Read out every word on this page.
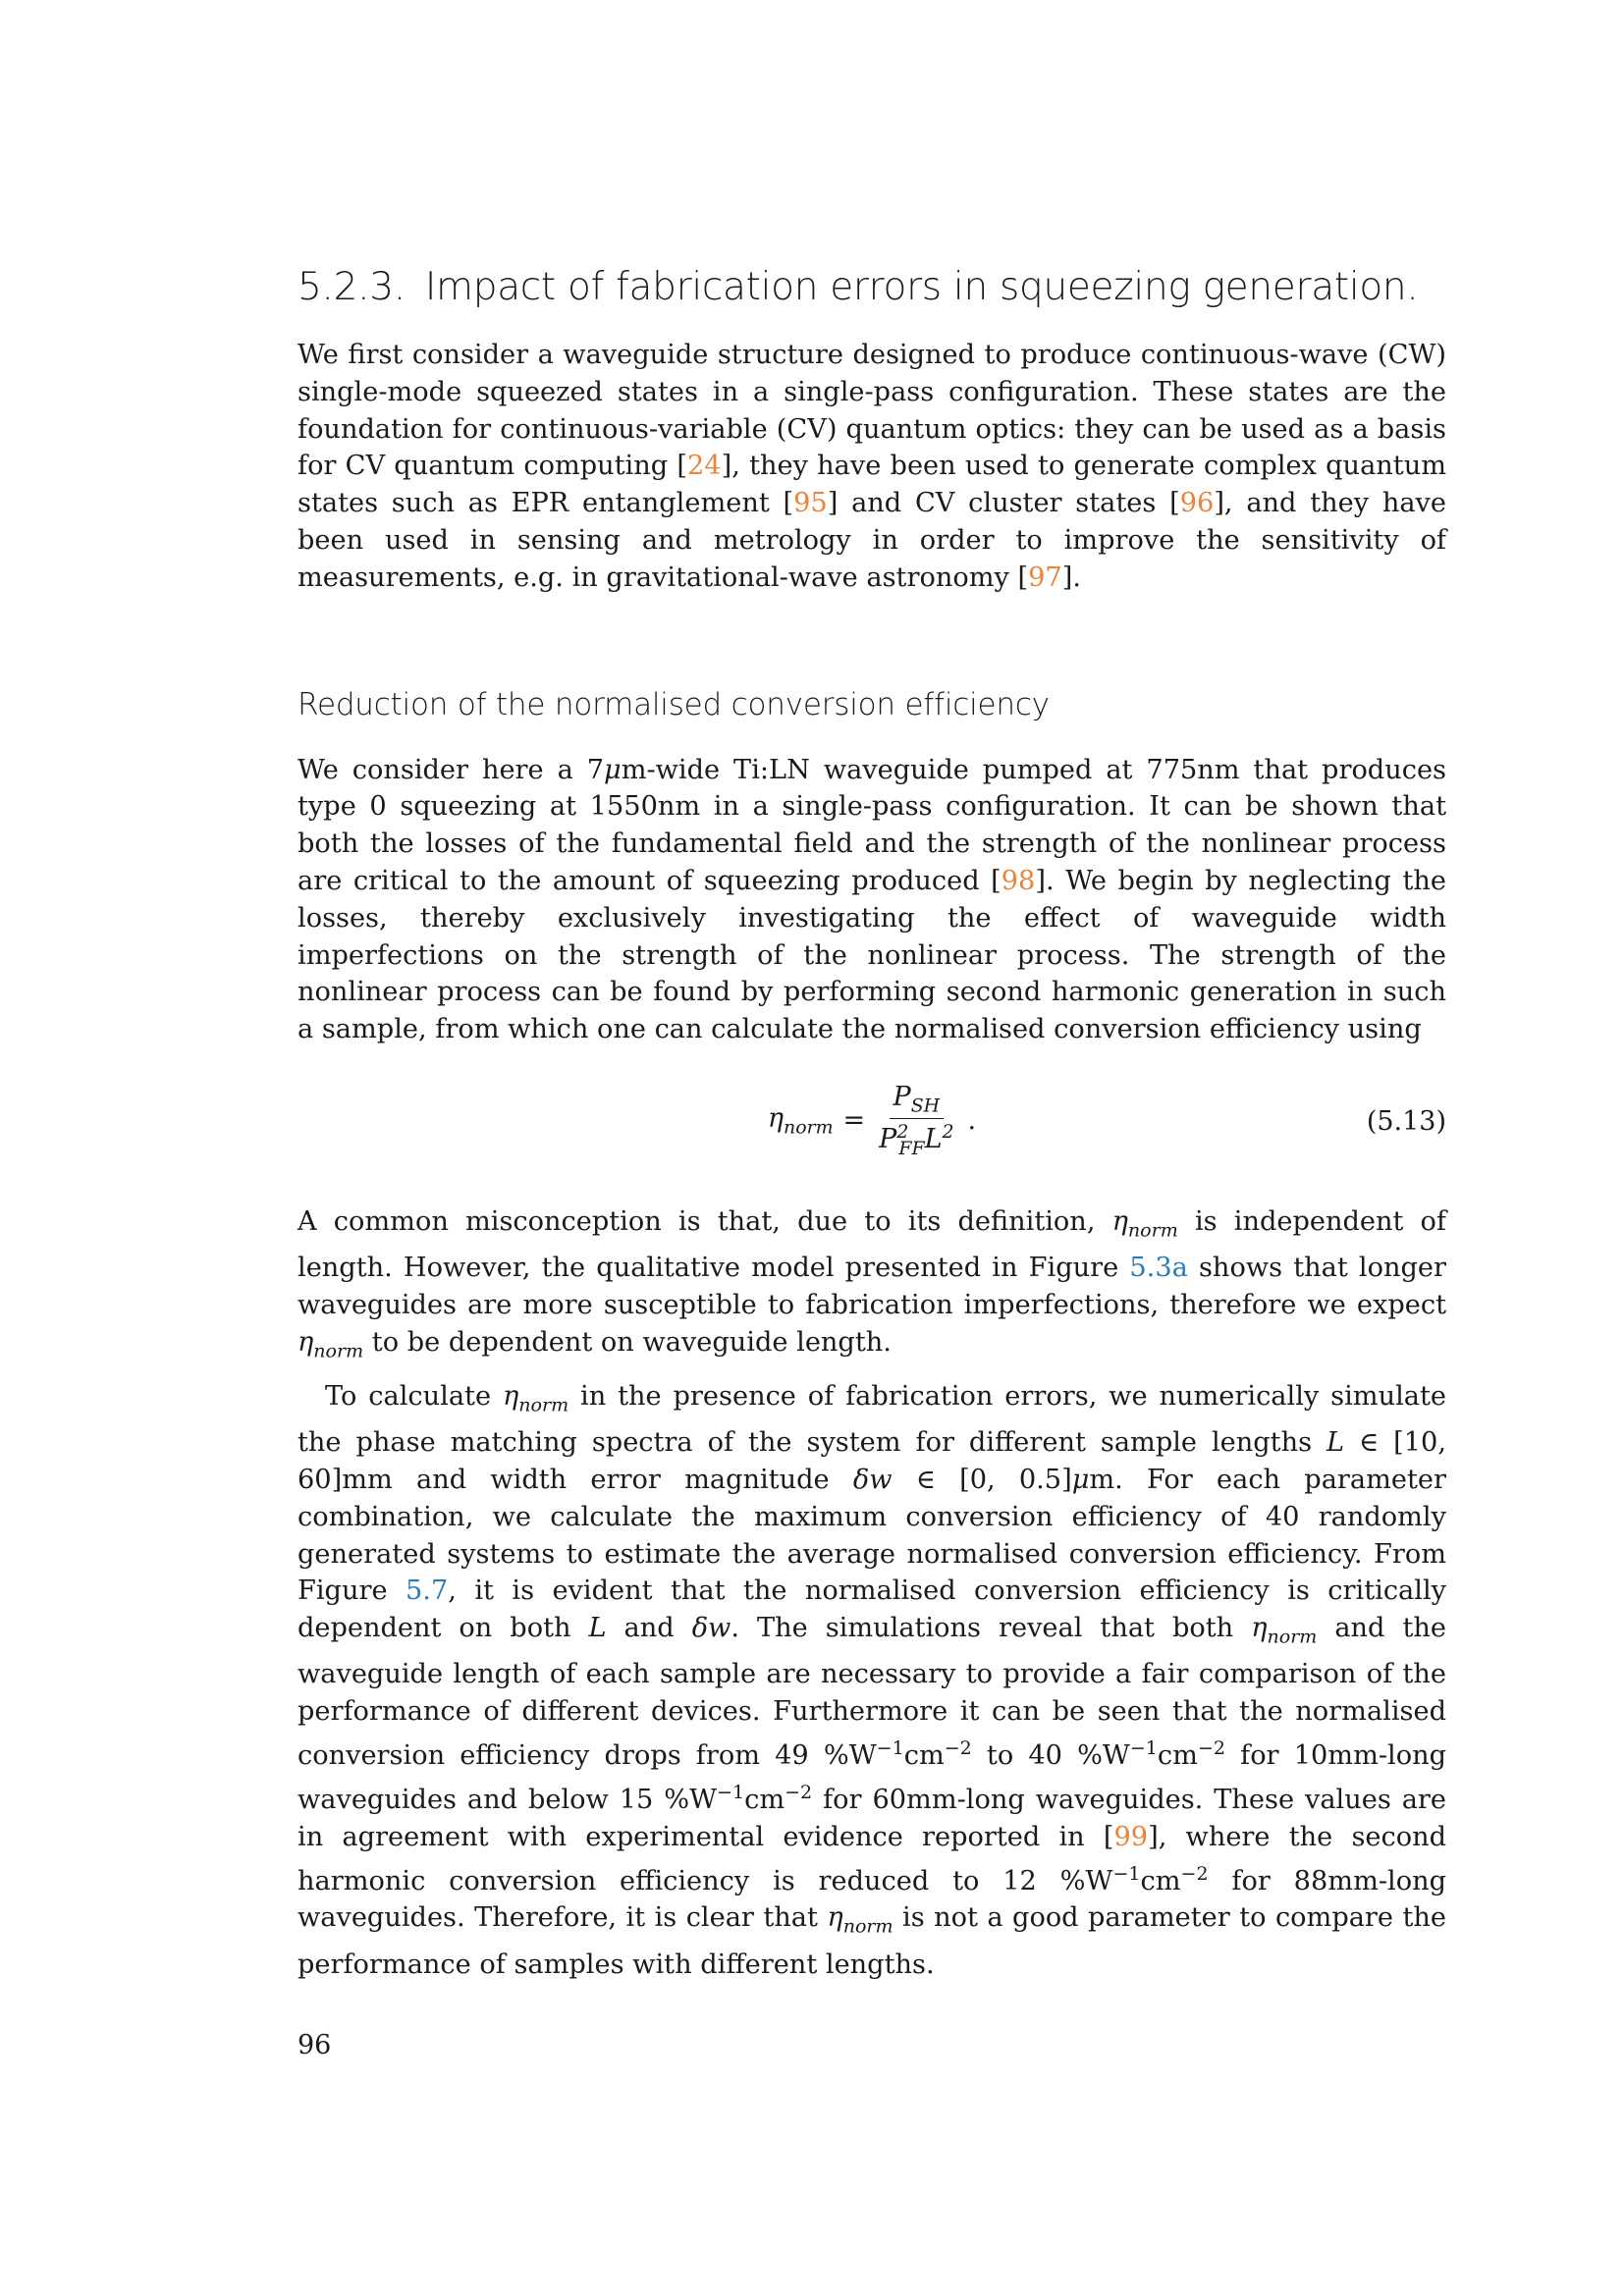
5.2.3. Impact of fabrication errors in squeezing generation.

We first consider a waveguide structure designed to produce continuous-wave (CW) single-mode squeezed states in a single-pass configuration. These states are the foundation for continuous-variable (CV) quantum optics: they can be used as a basis for CV quantum computing [24], they have been used to generate complex quantum states such as EPR entanglement [95] and CV cluster states [96], and they have been used in sensing and metrology in order to improve the sensitivity of measurements, e.g. in gravitational-wave astronomy [97].

Reduction of the normalised conversion efficiency

We consider here a 7μm-wide Ti:LN waveguide pumped at 775nm that produces type 0 squeezing at 1550nm in a single-pass configuration. It can be shown that both the losses of the fundamental field and the strength of the nonlinear process are critical to the amount of squeezing produced [98]. We begin by neglecting the losses, thereby exclusively investigating the effect of waveguide width imperfections on the strength of the nonlinear process. The strength of the nonlinear process can be found by performing second harmonic generation in such a sample, from which one can calculate the normalised conversion efficiency using

$\eta_{norm} = \frac{P_{SH}}{P^2_{FF}L^2}$ .	(5.13)

A common misconception is that, due to its definition, $\eta_{norm}$ is independent of length. However, the qualitative model presented in Figure 5.3a shows that longer waveguides are more susceptible to fabrication imperfections, therefore we expect $\eta_{norm}$ to be dependent on waveguide length.

To calculate $\eta_{norm}$ in the presence of fabrication errors, we numerically simulate the phase matching spectra of the system for different sample lengths L ∈ [10, 60]mm and width error magnitude δw ∈ [0, 0.5]μm. For each parameter combination, we calculate the maximum conversion efficiency of 40 randomly generated systems to estimate the average normalised conversion efficiency. From Figure 5.7, it is evident that the normalised conversion efficiency is critically dependent on both L and δw. The simulations reveal that both $\eta_{norm}$ and the waveguide length of each sample are necessary to provide a fair comparison of the performance of different devices. Furthermore it can be seen that the normalised conversion efficiency drops from 49 $\%W^{-1}cm^{-2}$ to 40 $\%W^{-1}cm^{-2}$ for 10mm-long waveguides and below 15 $\%W^{-1}cm^{-2}$ for 60mm-long waveguides. These values are in agreement with experimental evidence reported in [99], where the second harmonic conversion efficiency is reduced to 12 $\%W^{-1}cm^{-2}$ for 88mm-long waveguides. Therefore, it is clear that $\eta_{norm}$ is not a good parameter to compare the performance of samples with different lengths.

96
